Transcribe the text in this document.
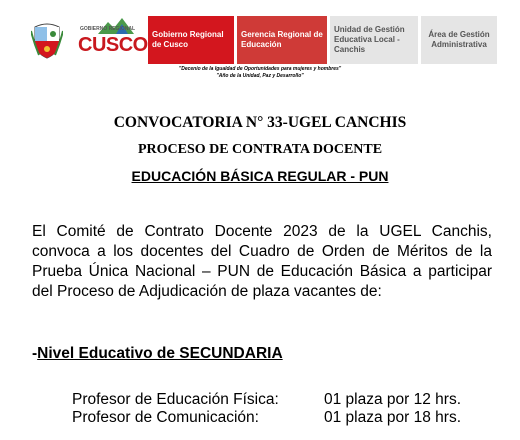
GOBIERNO REGIONAL
CUSCO Gobierno Regional de Cusco
Gerencia Regional de Educación
Unidad de Gestión Educativa Local - Canchis
Área de Gestión Administrativa
"Decenio de la Igualdad de Oportunidades para mujeres y hombres"
"Año de la Unidad, Paz y Desarrollo"
CONVOCATORIA N° 33-UGEL CANCHIS
PROCESO DE CONTRATA DOCENTE
EDUCACIÓN BÁSICA REGULAR - PUN
El Comité de Contrato Docente 2023 de la UGEL Canchis, convoca a los docentes del Cuadro de Orden de Méritos de la Prueba Única Nacional – PUN de Educación Básica a participar del Proceso de Adjudicación de plaza vacantes de:
-Nivel Educativo de SECUNDARIA
Profesor de Educación Física:	01 plaza por 12 hrs.
Profesor de Comunicación:	01 plaza por 18 hrs.
